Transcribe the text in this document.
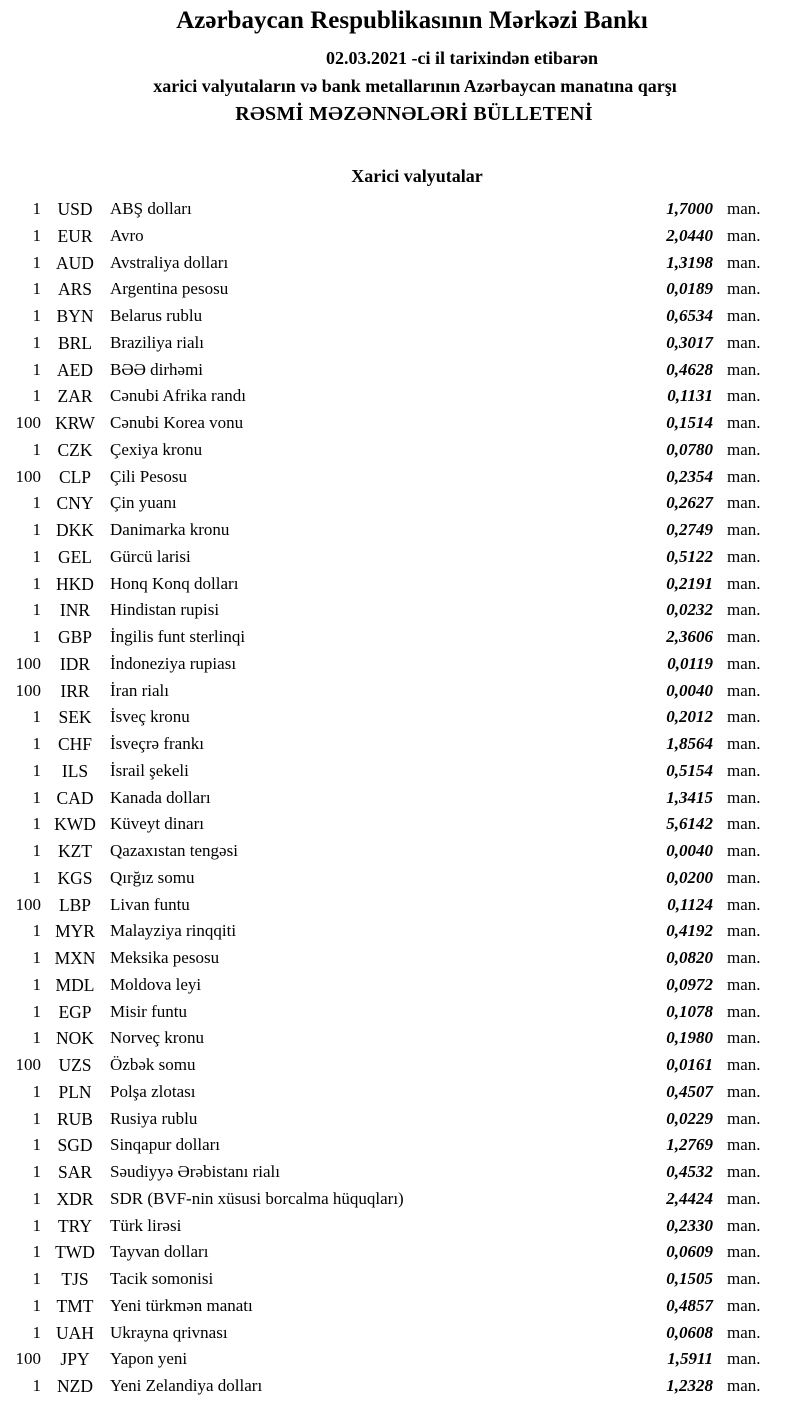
Azərbaycan Respublikasının Mərkəzi Bankı
02.03.2021 -ci il tarixindən etibarən
xarici valyutaların və bank metallarının Azərbaycan manatına qarşı
RƏSMİ MƏZƏNNƏLƏRİ BÜLLETENİ
Xarici valyutalar
1 USD	ABŞ dolları	1,7000 man.
1 EUR	Avro	2,0440 man.
1 AUD Avstraliya dolları	1,3198 man.
1 ARS	Argentina pesosu	0,0189 man.
1 BYN Belarus rublu	0,6534 man.
1 BRL	Braziliya rialı	0,3017 man.
1 AED BƏƏ dirhəmi	0,4628 man.
1 ZAR	Cənubi Afrika randı	0,1131 man.
100 KRW Cənubi Korea vonu	0,1514 man.
1 CZK	Çexiya kronu	0,0780 man.
100	CLP	Çili Pesosu	0,2354 man.
1 CNY Çin yuanı	0,2627 man.
1 DKK Danimarka kronu	0,2749 man.
1 GEL	Gürcü larisi	0,5122 man.
1 HKD Honq Konq dolları	0,2191 man.
1	INR	Hindistan rupisi	0,0232 man.
1 GBP	İngilis funt sterlinqi	2,3606 man.
100	IDR	İndoneziya rupiası	0,0119 man.
100	IRR	İran rialı	0,0040 man.
1 SEK	İsveç kronu	0,2012 man.
1 CHF	İsveçrə frankı	1,8564 man.
1	ILS	İsrail şekeli	0,5154 man.
1 CAD Kanada dolları	1,3415 man.
1 KWD Küveyt dinarı	5,6142 man.
1 KZT	Qazaxıstan tengəsi	0,0040 man.
1 KGS	Qırğız somu	0,0200 man.
100	LBP	Livan funtu	0,1124 man.
1 MYR Malayziya rinqqiti	0,4192 man.
1 MXN Meksika pesosu	0,0820 man.
1 MDL Moldova leyi	0,0972 man.
1 EGP	Misir funtu	0,1078 man.
1 NOK Norveç kronu	0,1980 man.
100 UZS	Özbək somu	0,0161 man.
1 PLN	Polşa zlotası	0,4507 man.
1 RUB Rusiya rublu	0,0229 man.
1 SGD	Sinqapur dolları	1,2769 man.
1 SAR	Səudiyyə Ərəbistanı rialı	0,4532 man.
1 XDR SDR (BVF-nin xüsusi borcalma hüquqları)	2,4424 man.
1 TRY	Türk lirəsi	0,2330 man.
1 TWD Tayvan dolları	0,0609 man.
1	TJS	Tacik somonisi	0,1505 man.
1 TMT Yeni türkmən manatı	0,4857 man.
1 UAH Ukrayna qrivnası	0,0608 man.
100	JPY	Yapon yeni	1,5911 man.
1 NZD Yeni Zelandiya dolları	1,2328 man.
